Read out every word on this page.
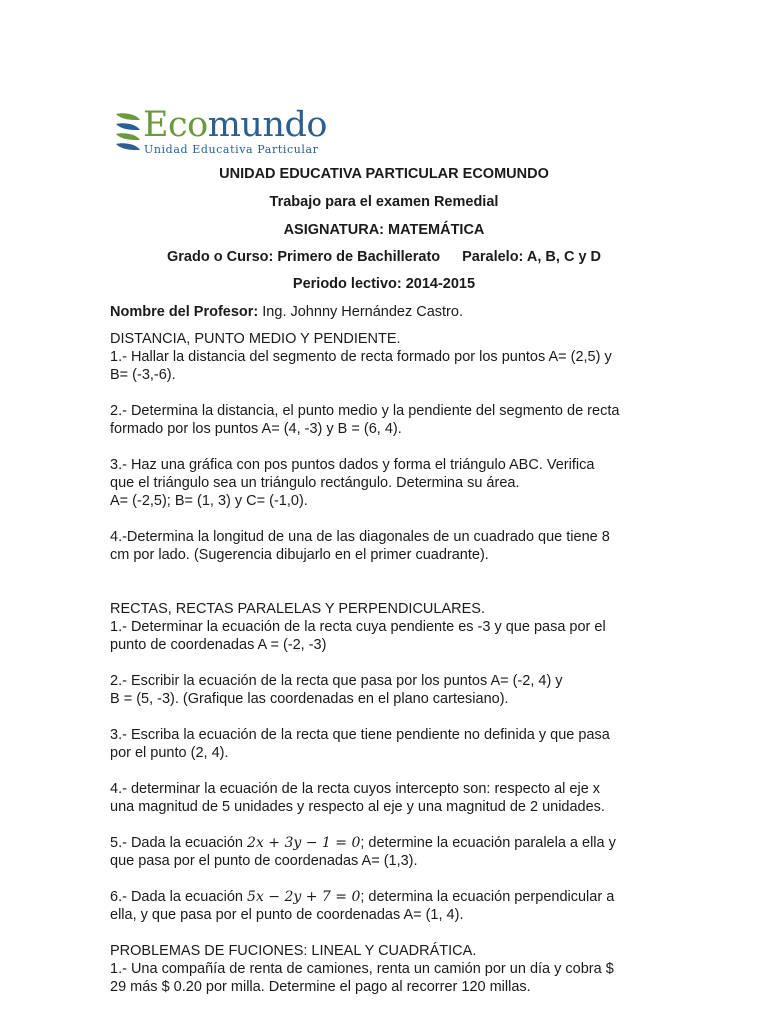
Ecomundo
Unidad Educativa Particular
UNIDAD EDUCATIVA PARTICULAR ECOMUNDO
Trabajo para el examen Remedial
ASIGNATURA: MATEMÁTICA
Grado o Curso: Primero de Bachillerato Paralelo: A, B, C y D
Periodo lectivo: 2014-2015
Nombre del Profesor: Ing. Johnny Hernández Castro.
DISTANCIA, PUNTO MEDIO Y PENDIENTE.
1.- Hallar la distancia del segmento de recta formado por los puntos A= (2,5) y
B= (-3,-6).
2.- Determina la distancia, el punto medio y la pendiente del segmento de recta
formado por los puntos A= (4, -3) y B = (6, 4).
3.- Haz una gráfica con pos puntos dados y forma el triángulo ABC. Verifica
que el triángulo sea un triángulo rectángulo. Determina su área.
A= (-2,5); B= (1, 3) y C= (-1,0).
4.-Determina la longitud de una de las diagonales de un cuadrado que tiene 8
cm por lado. (Sugerencia dibujarlo en el primer cuadrante).
RECTAS, RECTAS PARALELAS Y PERPENDICULARES.
1.- Determinar la ecuación de la recta cuya pendiente es -3 y que pasa por el
punto de coordenadas A = (-2, -3)
2.- Escribir la ecuación de la recta que pasa por los puntos A= (-2, 4) y
B = (5, -3). (Grafique las coordenadas en el plano cartesiano).
3.- Escriba la ecuación de la recta que tiene pendiente no definida y que pasa
por el punto (2, 4).
4.- determinar la ecuación de la recta cuyos intercepto son: respecto al eje x
una magnitud de 5 unidades y respecto al eje y una magnitud de 2 unidades.
5.- Dada la ecuación 2x + 3y − 1 = 0; determine la ecuación paralela a ella y
que pasa por el punto de coordenadas A= (1,3).
6.- Dada la ecuación 5x − 2y + 7 = 0; determina la ecuación perpendicular a
ella, y que pasa por el punto de coordenadas A= (1, 4).
PROBLEMAS DE FUCIONES: LINEAL Y CUADRÁTICA.
1.- Una compañía de renta de camiones, renta un camión por un día y cobra $
29 más $ 0.20 por milla. Determine el pago al recorrer 120 millas.
